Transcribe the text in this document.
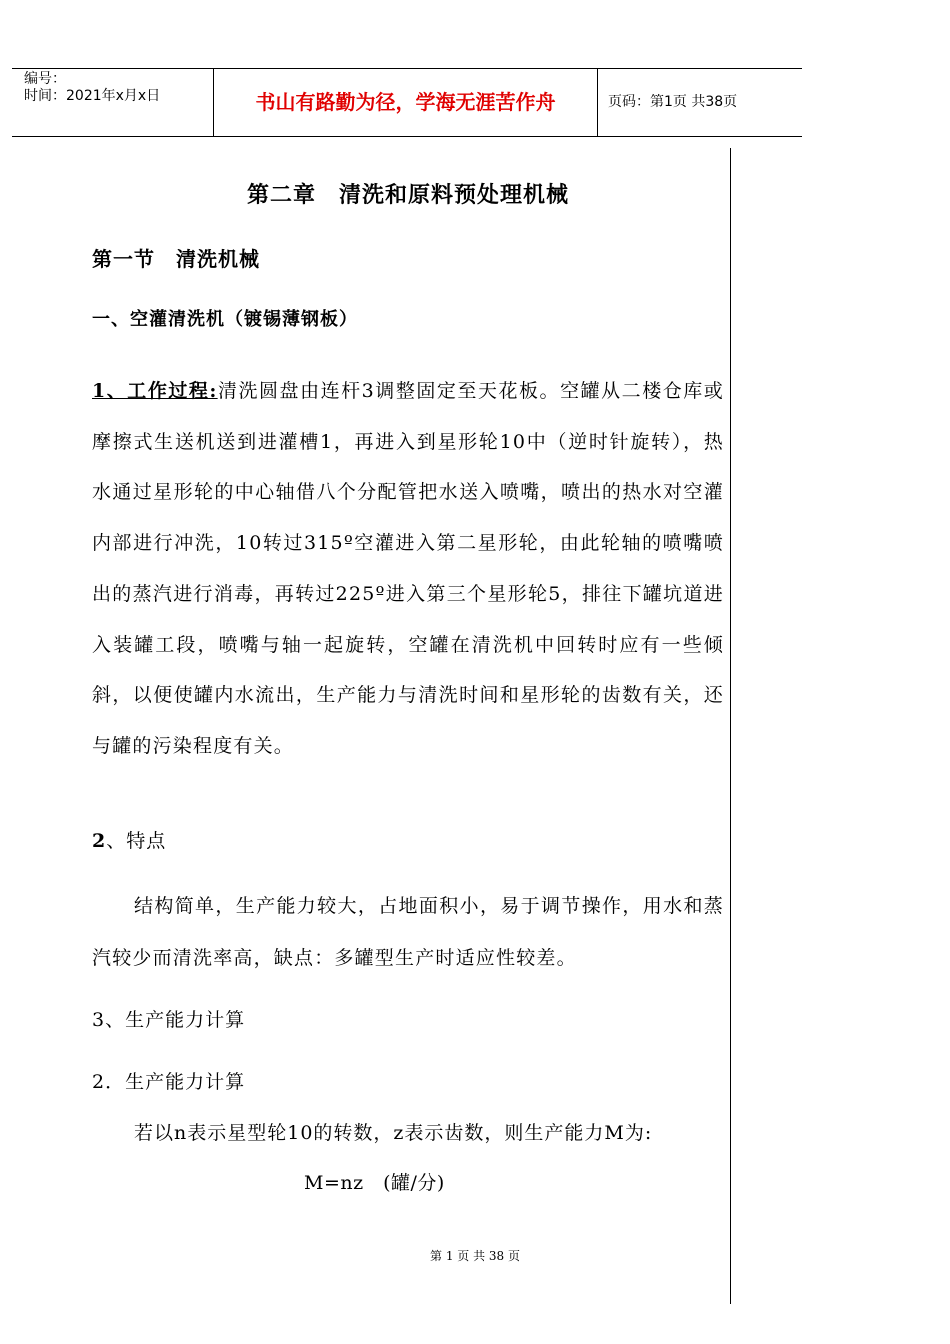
编号：
时间：2021年x月x日	书山有路勤为径，学海无涯苦作舟	页码：第1页 共38页
第二章　清洗和原料预处理机械
第一节　清洗机械
一、空灌清洗机（镀锡薄钢板）

1、工作过程:清洗圆盘由连杆3调整固定至天花板。空罐从二楼仓库或摩擦式生送机送到进灌槽1，再进入到星形轮10中（逆时针旋转），热水通过星形轮的中心轴借八个分配管把水送入喷嘴，喷出的热水对空灌内部进行冲洗，10转过315º空灌进入第二星形轮，由此轮轴的喷嘴喷出的蒸汽进行消毒，再转过225º进入第三个星形轮5，排往下罐坑道进入装罐工段，喷嘴与轴一起旋转，空罐在清洗机中回转时应有一些倾斜，以便使罐内水流出，生产能力与清洗时间和星形轮的齿数有关，还与罐的污染程度有关。

2、特点

结构简单，生产能力较大，占地面积小，易于调节操作，用水和蒸汽较少而清洗率高，缺点：多罐型生产时适应性较差。

3、生产能力计算

2．生产能力计算

若以n表示星型轮10的转数，z表示齿数，则生产能力M为:

M=nz　(罐/分)

第 1 页 共 38 页
